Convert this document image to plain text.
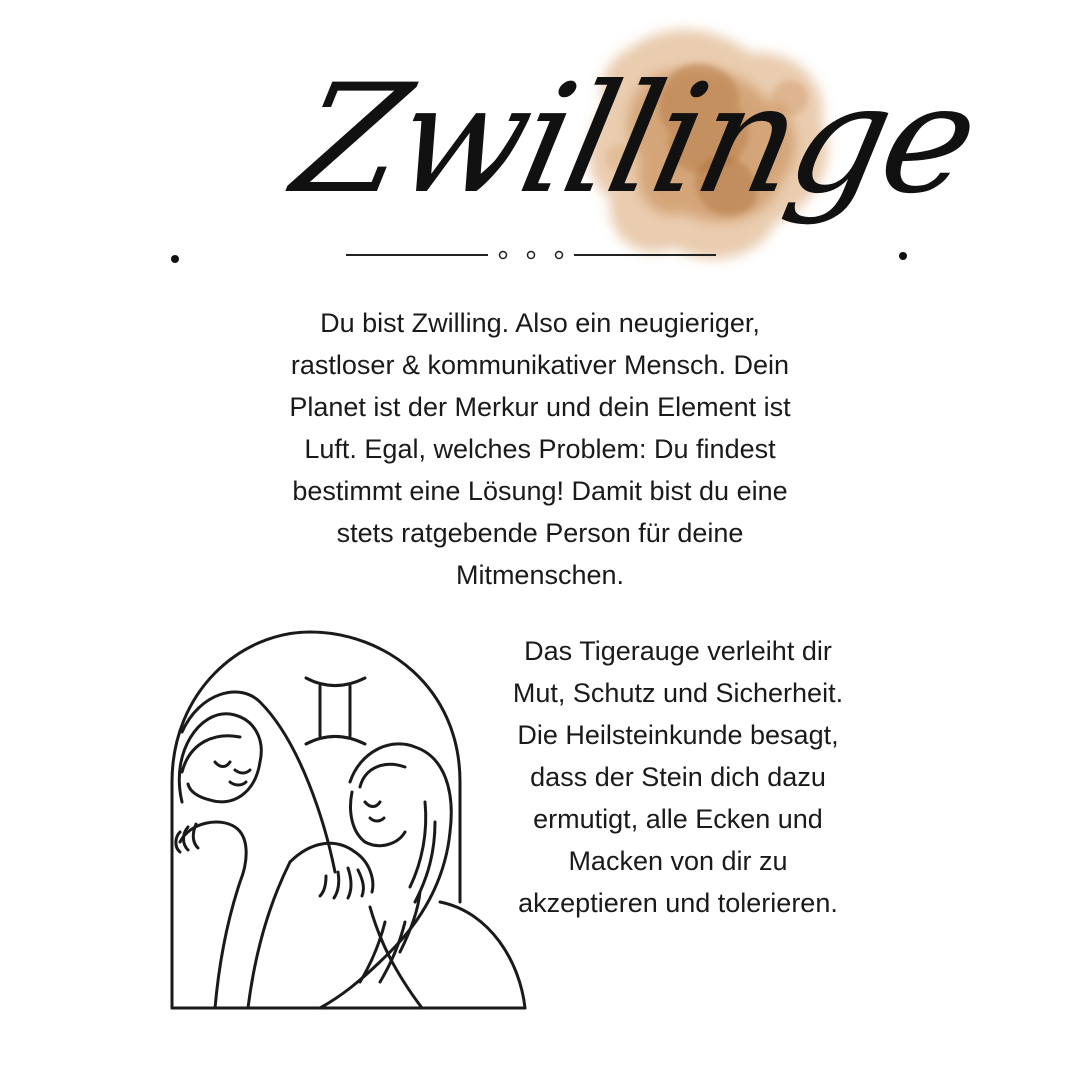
Zwillinge

Du bist Zwilling. Also ein neugieriger, rastloser & kommunikativer Mensch. Dein Planet ist der Merkur und dein Element ist Luft. Egal, welches Problem: Du findest bestimmt eine Lösung! Damit bist du eine stets ratgebende Person für deine Mitmenschen.

Das Tigerauge verleiht dir Mut, Schutz und Sicherheit. Die Heilsteinkunde besagt, dass der Stein dich dazu ermutigt, alle Ecken und Macken von dir zu akzeptieren und tolerieren.
